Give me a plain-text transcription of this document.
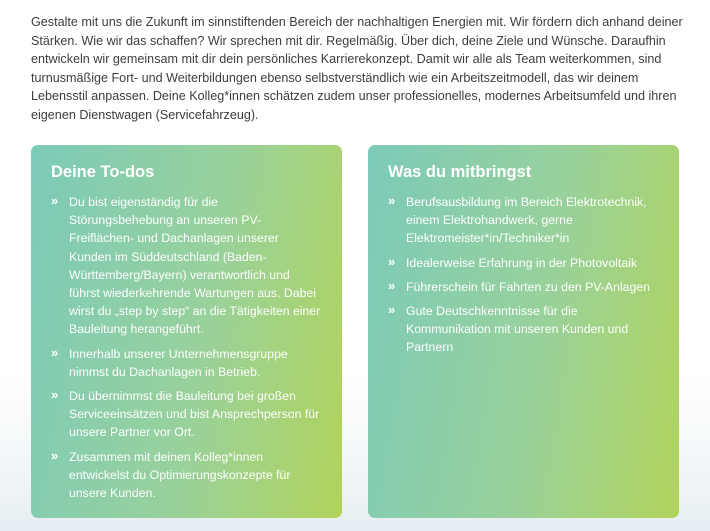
Gestalte mit uns die Zukunft im sinnstiftenden Bereich der nachhaltigen Energien mit. Wir fördern dich anhand deiner Stärken. Wie wir das schaffen? Wir sprechen mit dir. Regelmäßig. Über dich, deine Ziele und Wünsche. Daraufhin entwickeln wir gemeinsam mit dir dein persönliches Karrierekonzept. Damit wir alle als Team weiterkommen, sind turnusmäßige Fort- und Weiterbildungen ebenso selbstverständlich wie ein Arbeitszeitmodell, das wir deinem Lebensstil anpassen. Deine Kolleg*innen schätzen zudem unser professionelles, modernes Arbeitsumfeld und ihren eigenen Dienstwagen (Servicefahrzeug).

Deine To-dos
» Du bist eigenständig für die Störungsbehebung an unseren PV-Freiflächen- und Dachanlagen unserer Kunden im Süddeutschland (Baden-Württemberg/Bayern) verantwortlich und führst wiederkehrende Wartungen aus. Dabei wirst du „step by step“ an die Tätigkeiten einer Bauleitung herangeführt.
» Innerhalb unserer Unternehmensgruppe nimmst du Dachanlagen in Betrieb.
» Du übernimmst die Bauleitung bei großen Serviceeinsätzen und bist Ansprechperson für unsere Partner vor Ort.
» Zusammen mit deinen Kolleg*innen entwickelst du Optimierungskonzepte für unsere Kunden.
Was du mitbringst
» Berufsausbildung im Bereich Elektrotechnik, einem Elektrohandwerk, gerne Elektromeister*in/Techniker*in
» Idealerweise Erfahrung in der Photovoltaik
» Führerschein für Fahrten zu den PV-Anlagen
» Gute Deutschkenntnisse für die Kommunikation mit unseren Kunden und Partnern
